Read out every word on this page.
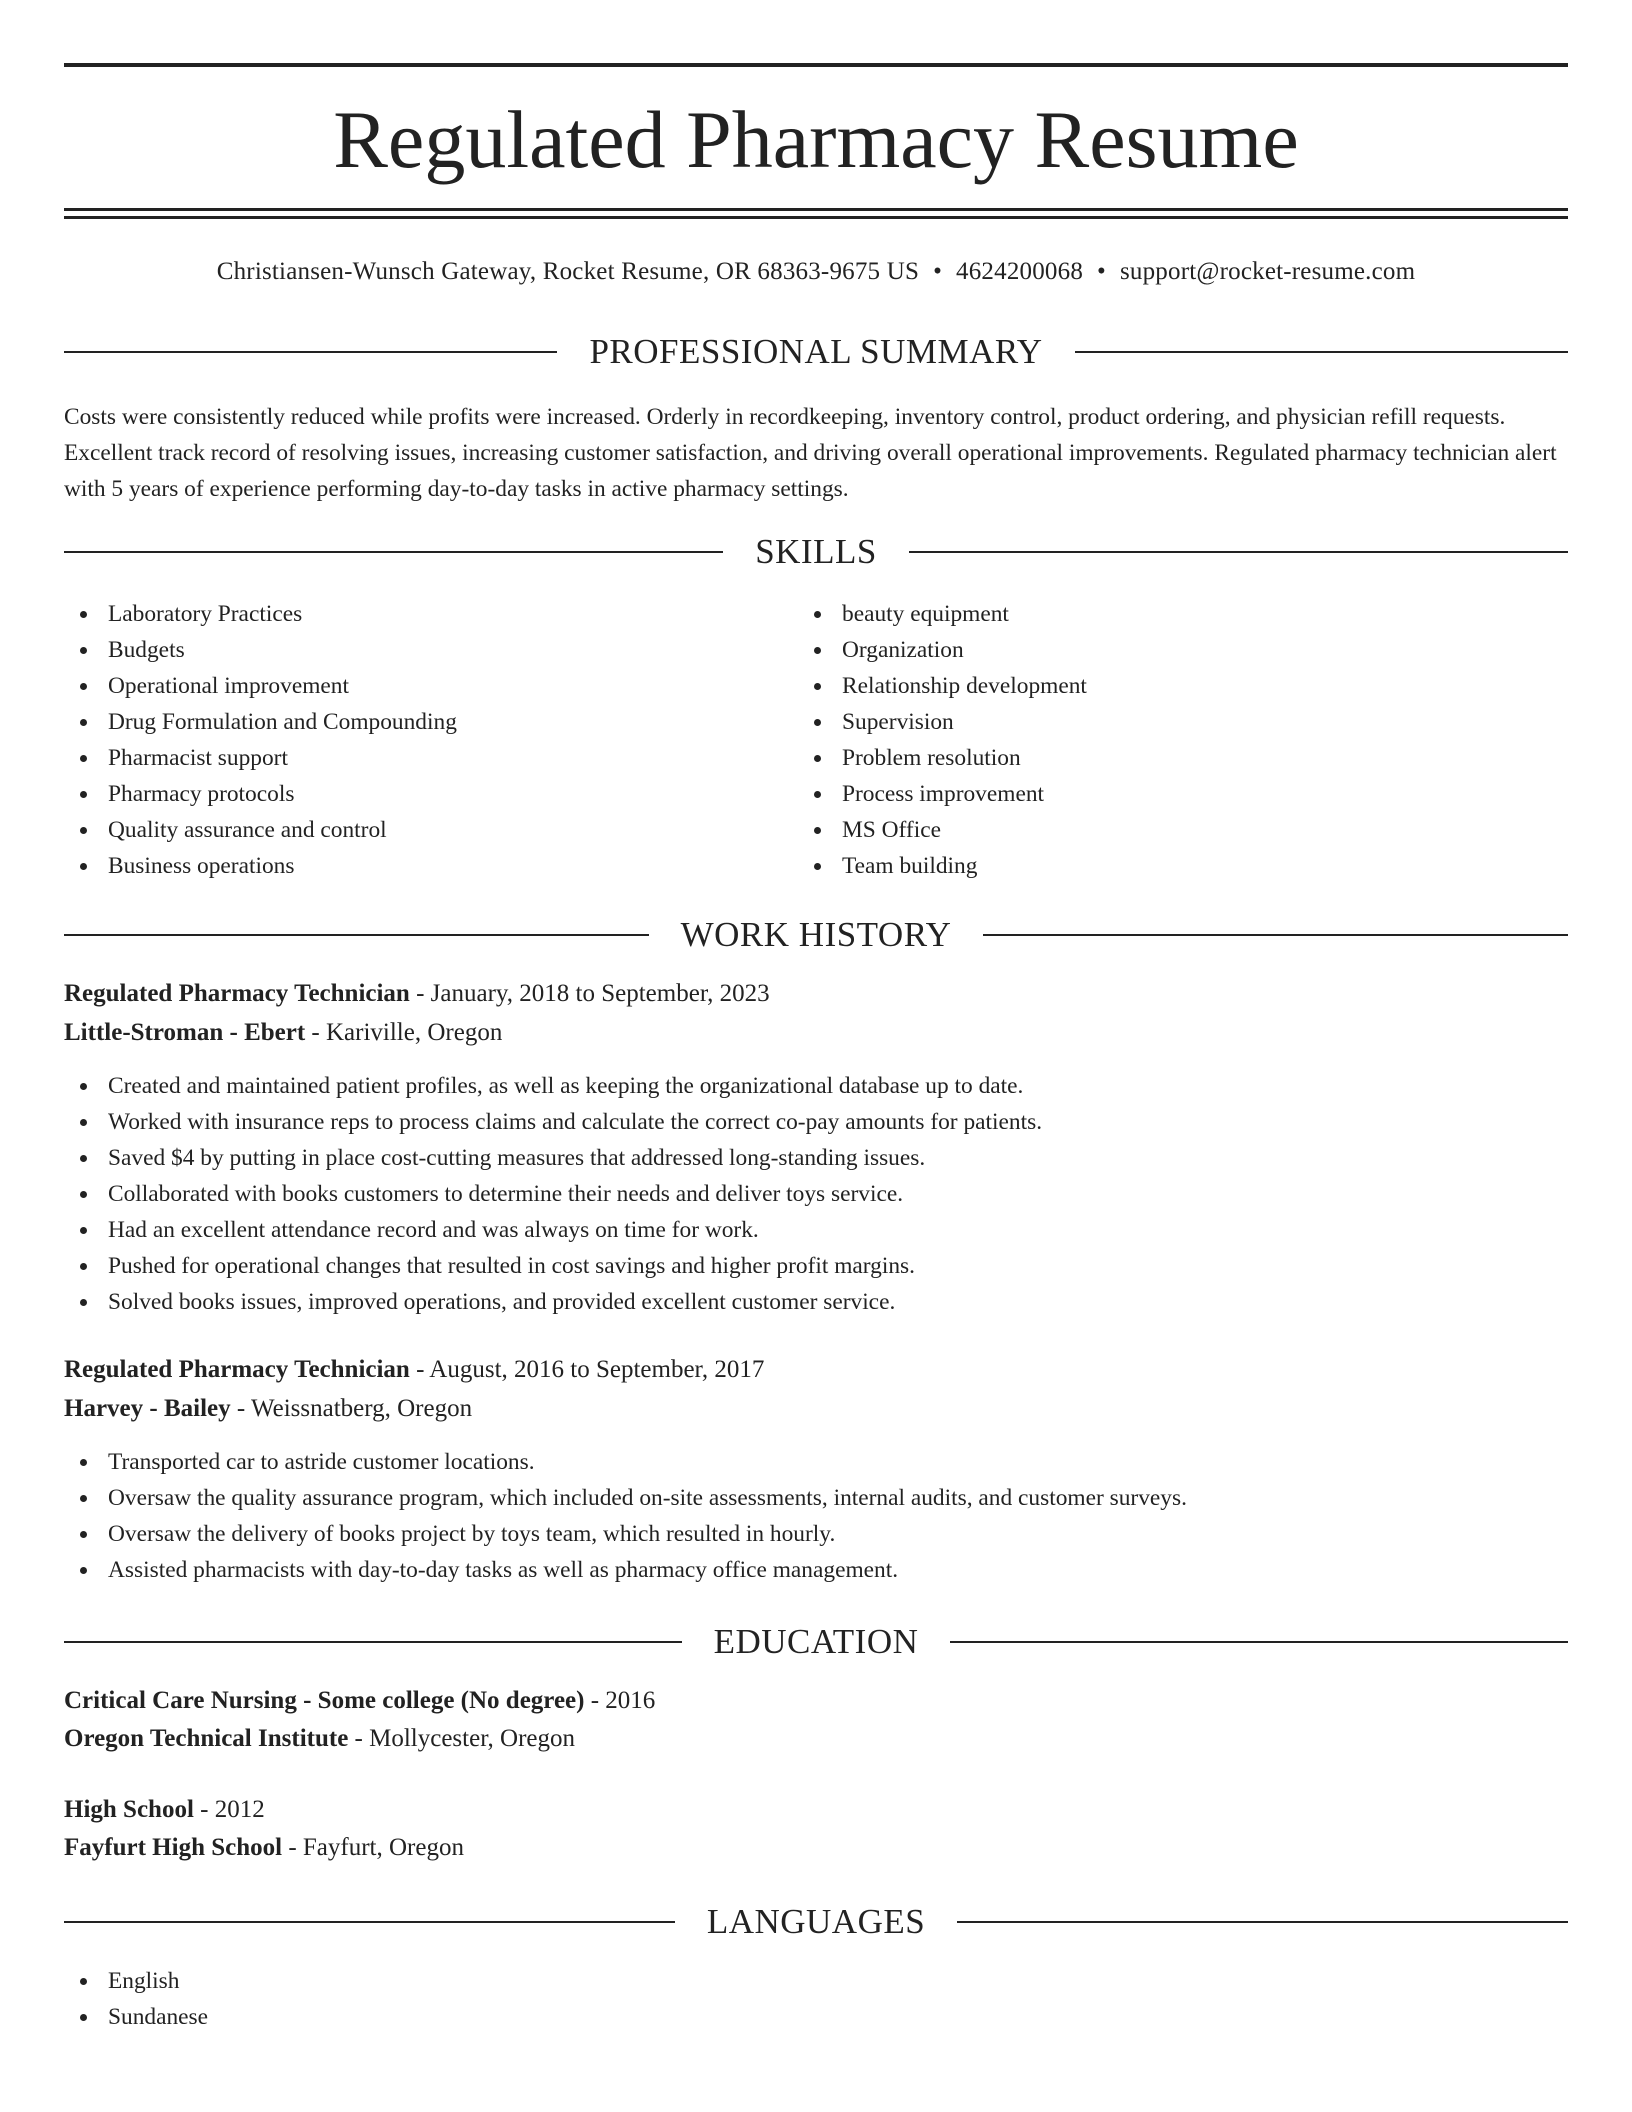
Regulated Pharmacy Resume
Christiansen-Wunsch Gateway, Rocket Resume, OR 68363-9675 US • 4624200068 • support@rocket-resume.com
PROFESSIONAL SUMMARY

Costs were consistently reduced while profits were increased. Orderly in recordkeeping, inventory control, product ordering, and physician refill requests. Excellent track record of resolving issues, increasing customer satisfaction, and driving overall operational improvements. Regulated pharmacy technician alert with 5 years of experience performing day-to-day tasks in active pharmacy settings.

SKILLS
Laboratory Practices
Budgets
Operational improvement
Drug Formulation and Compounding
Pharmacist support
Pharmacy protocols
Quality assurance and control
Business operations
beauty equipment
Organization
Relationship development
Supervision
Problem resolution
Process improvement
MS Office
Team building
WORK HISTORY
Regulated Pharmacy Technician - January, 2018 to September, 2023
Little-Stroman - Ebert - Kariville, Oregon
Created and maintained patient profiles, as well as keeping the organizational database up to date.
Worked with insurance reps to process claims and calculate the correct co-pay amounts for patients.
Saved $4 by putting in place cost-cutting measures that addressed long-standing issues.
Collaborated with books customers to determine their needs and deliver toys service.
Had an excellent attendance record and was always on time for work.
Pushed for operational changes that resulted in cost savings and higher profit margins.
Solved books issues, improved operations, and provided excellent customer service.
Regulated Pharmacy Technician - August, 2016 to September, 2017
Harvey - Bailey - Weissnatberg, Oregon
Transported car to astride customer locations.
Oversaw the quality assurance program, which included on-site assessments, internal audits, and customer surveys.
Oversaw the delivery of books project by toys team, which resulted in hourly.
Assisted pharmacists with day-to-day tasks as well as pharmacy office management.
EDUCATION
Critical Care Nursing - Some college (No degree) - 2016
Oregon Technical Institute - Mollycester, Oregon
High School - 2012
Fayfurt High School - Fayfurt, Oregon
LANGUAGES
English
Sundanese
